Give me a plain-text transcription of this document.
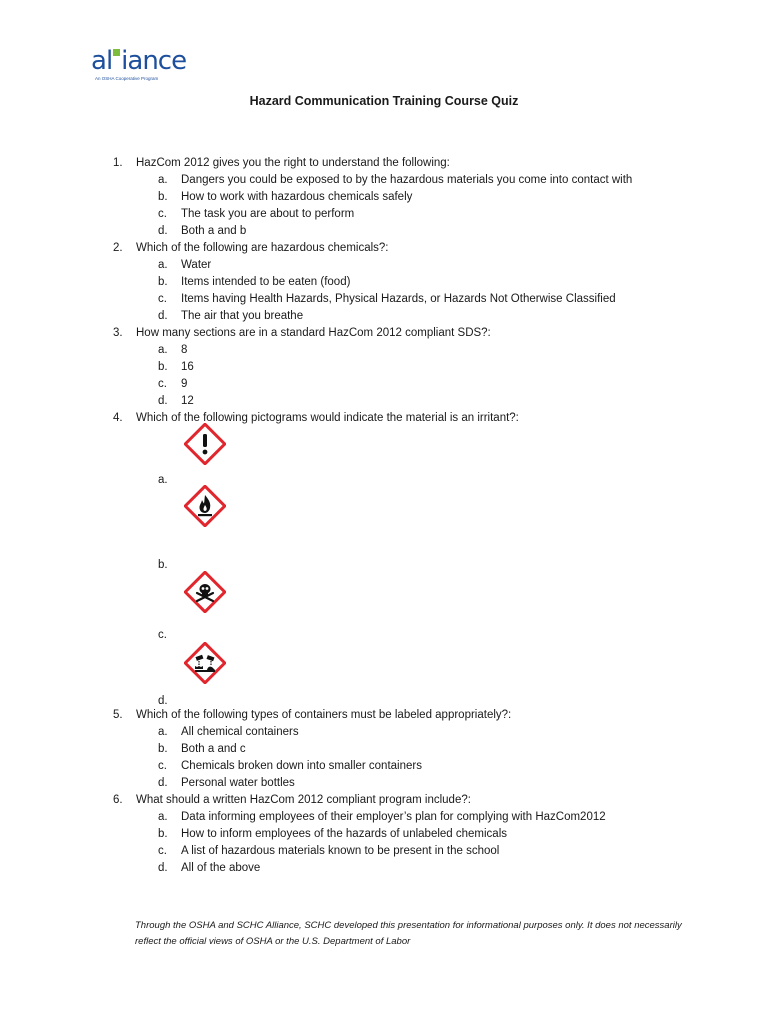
al iance
An OSHA Cooperative Program
Hazard Communication Training Course Quiz
1. HazCom 2012 gives you the right to understand the following:
a. Dangers you could be exposed to by the hazardous materials you come into contact with
b. How to work with hazardous chemicals safely
c. The task you are about to perform
d. Both a and b
2. Which of the following are hazardous chemicals?:
a. Water
b. Items intended to be eaten (food)
c. Items having Health Hazards, Physical Hazards, or Hazards Not Otherwise Classified
d. The air that you breathe
3. How many sections are in a standard HazCom 2012 compliant SDS?:
a. 8
b. 16
c. 9
d. 12
4. Which of the following pictograms would indicate the material is an irritant?:
a.
b.
c.
d.
5. Which of the following types of containers must be labeled appropriately?:
a. All chemical containers
b. Both a and c
c. Chemicals broken down into smaller containers
d. Personal water bottles
6. What should a written HazCom 2012 compliant program include?:
a. Data informing employees of their employer’s plan for complying with HazCom2012
b. How to inform employees of the hazards of unlabeled chemicals
c. A list of hazardous materials known to be present in the school
d. All of the above
Through the OSHA and SCHC Alliance, SCHC developed this presentation for informational purposes only. It does not necessarily reflect the official views of OSHA or the U.S. Department of Labor
